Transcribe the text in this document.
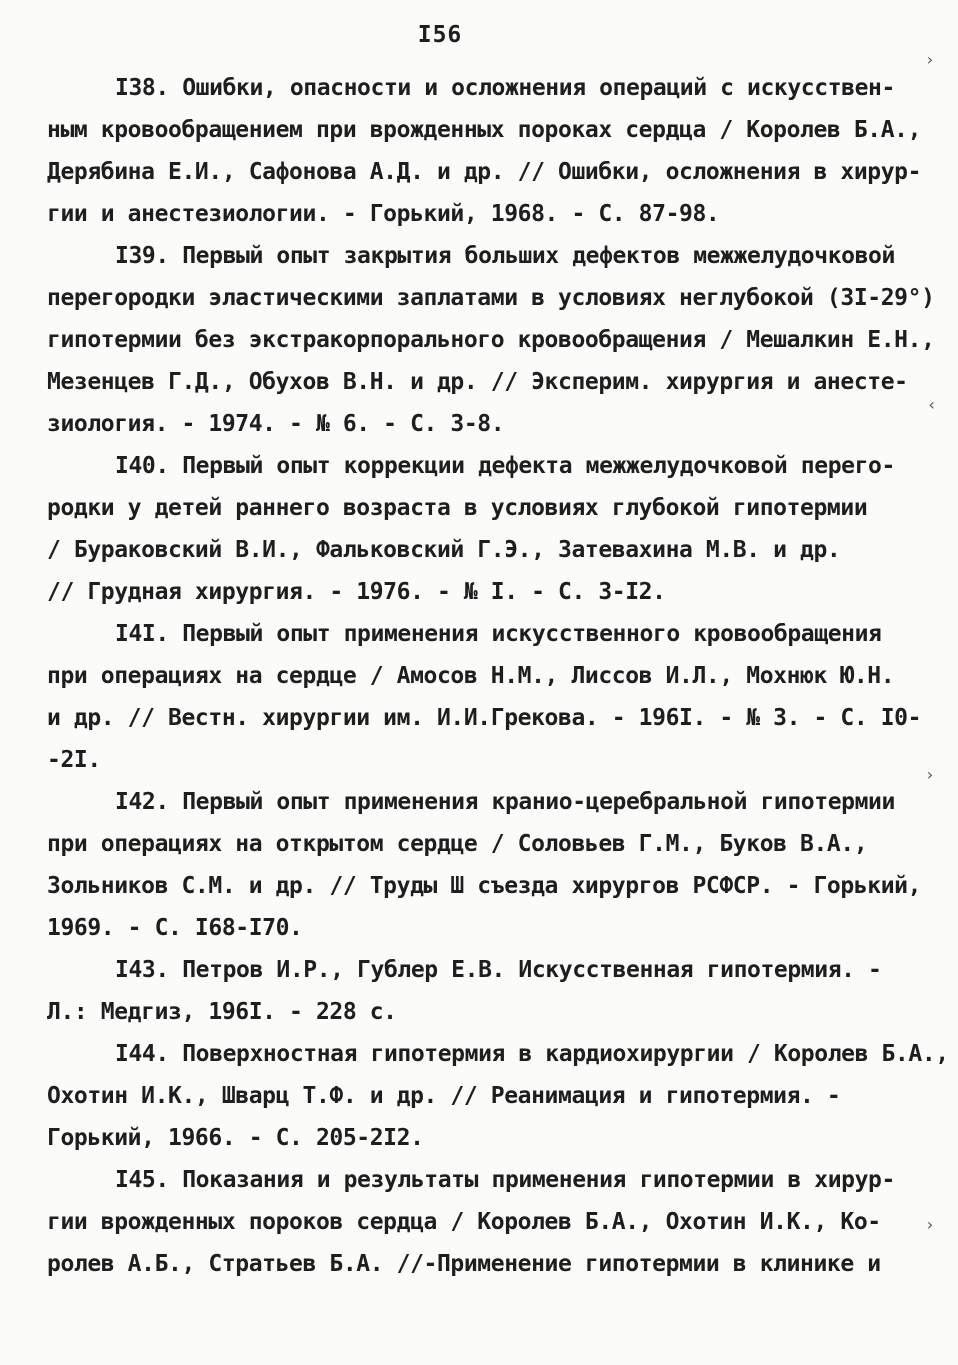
I56
I38. Ошибки, опасности и осложнения операций с искусствен-
ным кровообращением при врожденных пороках сердца / Королев Б.А.,
Дерябина Е.И., Сафонова А.Д. и др. // Ошибки, осложнения в хирур-
гии и анестезиологии. - Горький, 1968. - С. 87-98.
I39. Первый опыт закрытия больших дефектов межжелудочковой
перегородки эластическими заплатами в условиях неглубокой (3I-29°)
гипотермии без экстракорпорального кровообращения / Мешалкин Е.Н.,
Мезенцев Г.Д., Обухов В.Н. и др. // Эксперим. хирургия и анесте-
зиология. - 1974. - № 6. - С. 3-8.
I40. Первый опыт коррекции дефекта межжелудочковой перего-
родки у детей раннего возраста в условиях глубокой гипотермии
/ Бураковский В.И., Фальковский Г.Э., Затевахина М.В. и др.
// Грудная хирургия. - 1976. - № I. - С. 3-I2.
I4I. Первый опыт применения искусственного кровообращения
при операциях на сердце / Амосов Н.М., Лиссов И.Л., Мохнюк Ю.Н.
и др. // Вестн. хирургии им. И.И.Грекова. - 196I. - № 3. - С. I0-
-2I.
I42. Первый опыт применения краниo-церебральной гипотермии
при операциях на открытом сердце / Соловьев Г.М., Буков В.А.,
Зольников С.М. и др. // Труды Ш съезда хирургов РСФСР. - Горький,
1969. - С. I68-I70.
I43. Петров И.Р., Гублер Е.В. Искусственная гипотермия. -
Л.: Медгиз, 196I. - 228 с.
I44. Поверхностная гипотермия в кардиохирургии / Королев Б.А.,
Охотин И.К., Шварц Т.Ф. и др. // Реанимация и гипотермия. -
Горький, 1966. - С. 205-2I2.
I45. Показания и результаты применения гипотермии в хирур-
гии врожденных пороков сердца / Королев Б.А., Охотин И.К., Ко-
ролев А.Б., Стратьев Б.А. //-Применение гипотермии в клинике и
›
‹
›
›
